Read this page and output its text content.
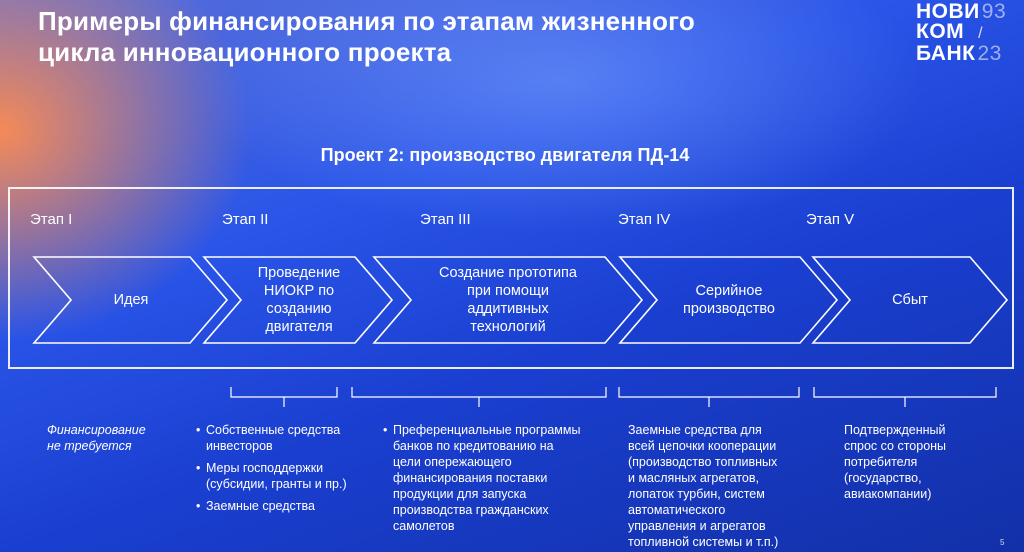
Примеры финансирования по этапам жизненного
цикла инновационного проекта
НОВИ 93
КОМ /
БАНК 23
Проект 2: производство двигателя ПД-14
Этап I	Этап II	Этап III	Этап IV	Этап V
Идея
Проведение
НИОКР по
созданию
двигателя
Создание прототипа
при помощи
аддитивных
технологий
Серийное
производство
Сбыт
Финансирование
не требуется
• Собственные средства
инвесторов
• Меры господдержки
(субсидии, гранты и пр.)
• Заемные средства
• Преференциальные программы
банков по кредитованию на
цели опережающего
финансирования поставки
продукции для запуска
производства гражданских
самолетов
Заемные средства для
всей цепочки кооперации
(производство топливных
и масляных агрегатов,
лопаток турбин, систем
автоматического
управления и агрегатов
топливной системы и т.п.)
Подтвержденный
спрос со стороны
потребителя
(государство,
авиакомпании)
5
